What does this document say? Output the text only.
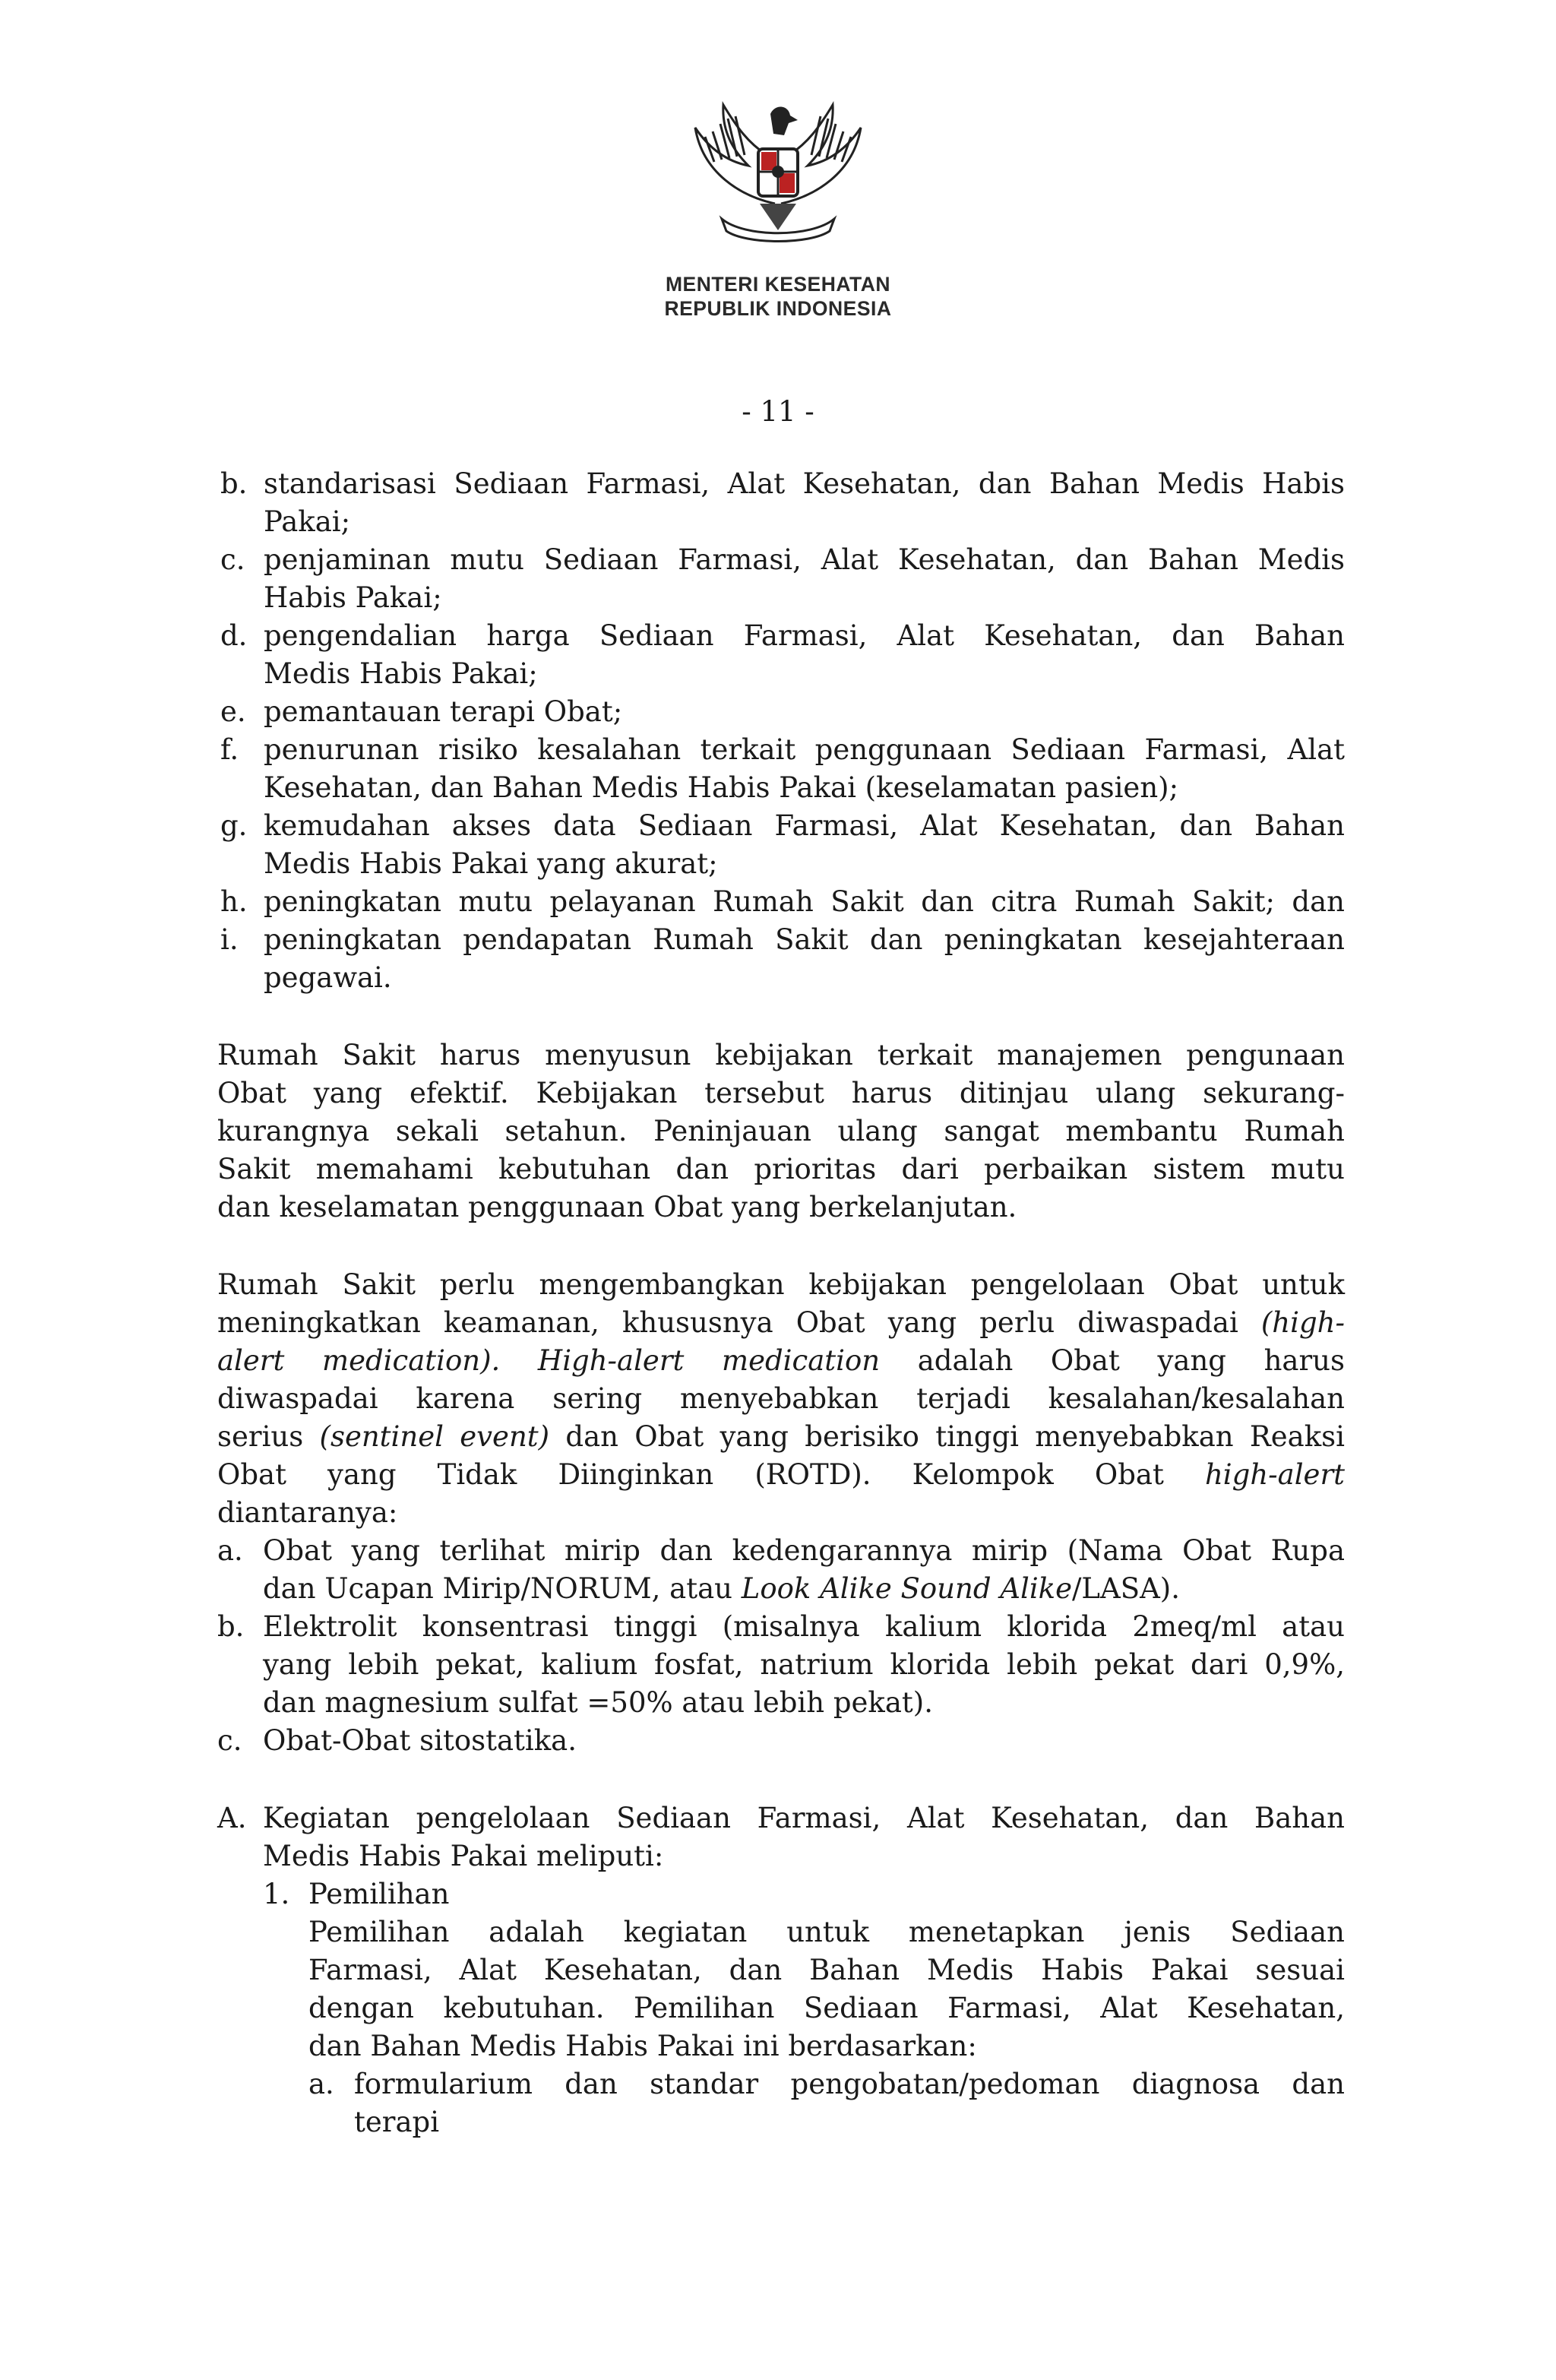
MENTERI KESEHATAN
REPUBLIK INDONESIA
- 11 -
b. standarisasi Sediaan Farmasi, Alat Kesehatan, dan Bahan Medis Habis
Pakai;
c. penjaminan mutu Sediaan Farmasi, Alat Kesehatan, dan Bahan Medis
Habis Pakai;
d. pengendalian harga Sediaan Farmasi, Alat Kesehatan, dan Bahan
Medis Habis Pakai;
e. pemantauan terapi Obat;
f. penurunan risiko kesalahan terkait penggunaan Sediaan Farmasi, Alat
Kesehatan, dan Bahan Medis Habis Pakai (keselamatan pasien);
g. kemudahan akses data Sediaan Farmasi, Alat Kesehatan, dan Bahan
Medis Habis Pakai yang akurat;
h. peningkatan mutu pelayanan Rumah Sakit dan citra Rumah Sakit; dan
i. peningkatan pendapatan Rumah Sakit dan peningkatan kesejahteraan
pegawai.
Rumah Sakit harus menyusun kebijakan terkait manajemen pengunaan
Obat yang efektif. Kebijakan tersebut harus ditinjau ulang sekurang-
kurangnya sekali setahun. Peninjauan ulang sangat membantu Rumah
Sakit memahami kebutuhan dan prioritas dari perbaikan sistem mutu
dan keselamatan penggunaan Obat yang berkelanjutan.
Rumah Sakit perlu mengembangkan kebijakan pengelolaan Obat untuk
meningkatkan keamanan, khususnya Obat yang perlu diwaspadai (high-
alert medication). High-alert medication adalah Obat yang harus
diwaspadai karena sering menyebabkan terjadi kesalahan/kesalahan
serius (sentinel event) dan Obat yang berisiko tinggi menyebabkan Reaksi
Obat yang Tidak Diinginkan (ROTD). Kelompok Obat high-alert
diantaranya:
a. Obat yang terlihat mirip dan kedengarannya mirip (Nama Obat Rupa
dan Ucapan Mirip/NORUM, atau Look Alike Sound Alike/LASA).
b. Elektrolit konsentrasi tinggi (misalnya kalium klorida 2meq/ml atau
yang lebih pekat, kalium fosfat, natrium klorida lebih pekat dari 0,9%,
dan magnesium sulfat =50% atau lebih pekat).
c. Obat-Obat sitostatika.
A. Kegiatan pengelolaan Sediaan Farmasi, Alat Kesehatan, dan Bahan
Medis Habis Pakai meliputi:
1. Pemilihan
Pemilihan adalah kegiatan untuk menetapkan jenis Sediaan
Farmasi, Alat Kesehatan, dan Bahan Medis Habis Pakai sesuai
dengan kebutuhan. Pemilihan Sediaan Farmasi, Alat Kesehatan,
dan Bahan Medis Habis Pakai ini berdasarkan:
a. formularium dan standar pengobatan/pedoman diagnosa dan
terapi
